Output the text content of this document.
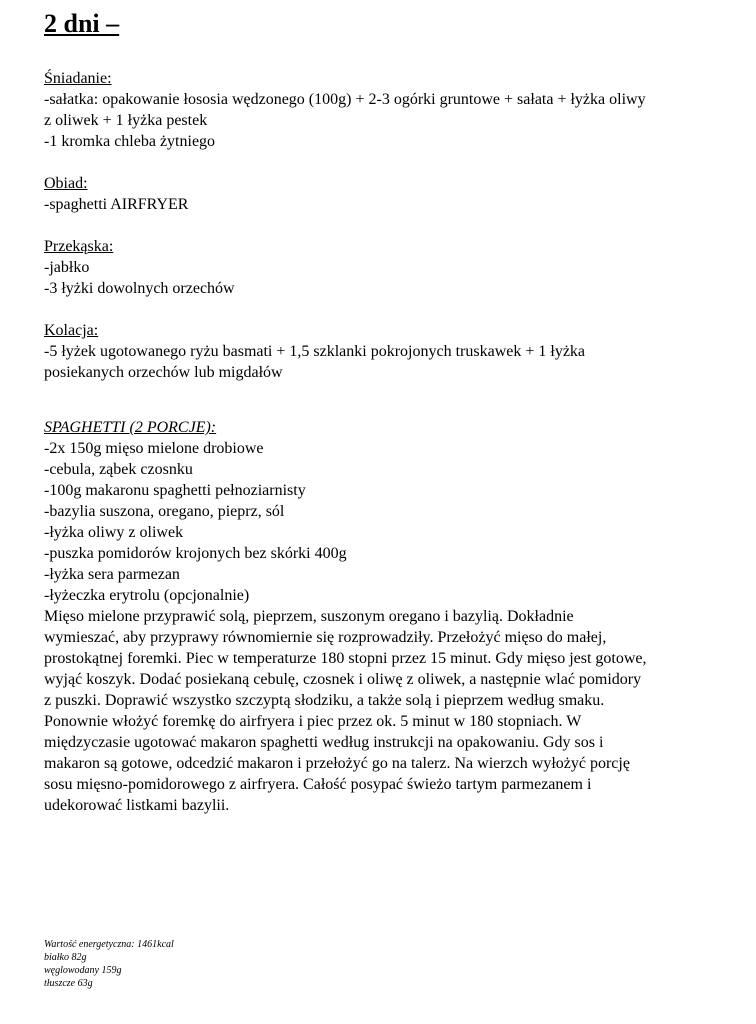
2 dni –

Śniadanie:

-sałatka: opakowanie łososia wędzonego (100g) + 2-3 ogórki gruntowe + sałata + łyżka oliwy

z oliwek + 1 łyżka pestek

-1 kromka chleba żytniego

Obiad:

-spaghetti AIRFRYER

Przekąska:

-jabłko

-3 łyżki dowolnych orzechów

Kolacja:

-5 łyżek ugotowanego ryżu basmati + 1,5 szklanki pokrojonych truskawek + 1 łyżka

posiekanych orzechów lub migdałów

SPAGHETTI (2 PORCJE):

-2x 150g mięso mielone drobiowe

-cebula, ząbek czosnku

-100g makaronu spaghetti pełnoziarnisty

-bazylia suszona, oregano, pieprz, sól

-łyżka oliwy z oliwek

-puszka pomidorów krojonych bez skórki 400g

-łyżka sera parmezan

-łyżeczka erytrolu (opcjonalnie)

Mięso mielone przyprawić solą, pieprzem, suszonym oregano i bazylią. Dokładnie

wymieszać, aby przyprawy równomiernie się rozprowadziły. Przełożyć mięso do małej,

prostokątnej foremki. Piec w temperaturze 180 stopni przez 15 minut. Gdy mięso jest gotowe,

wyjąć koszyk. Dodać posiekaną cebulę, czosnek i oliwę z oliwek, a następnie wlać pomidory

z puszki. Doprawić wszystko szczyptą słodziku, a także solą i pieprzem według smaku.

Ponownie włożyć foremkę do airfryera i piec przez ok. 5 minut w 180 stopniach. W

międzyczasie ugotować makaron spaghetti według instrukcji na opakowaniu. Gdy sos i

makaron są gotowe, odcedzić makaron i przełożyć go na talerz. Na wierzch wyłożyć porcję

sosu mięsno-pomidorowego z airfryera. Całość posypać świeżo tartym parmezanem i

udekorować listkami bazylii.

Wartość energetyczna: 1461kcal

białko 82g

węglowodany 159g

tłuszcze 63g
